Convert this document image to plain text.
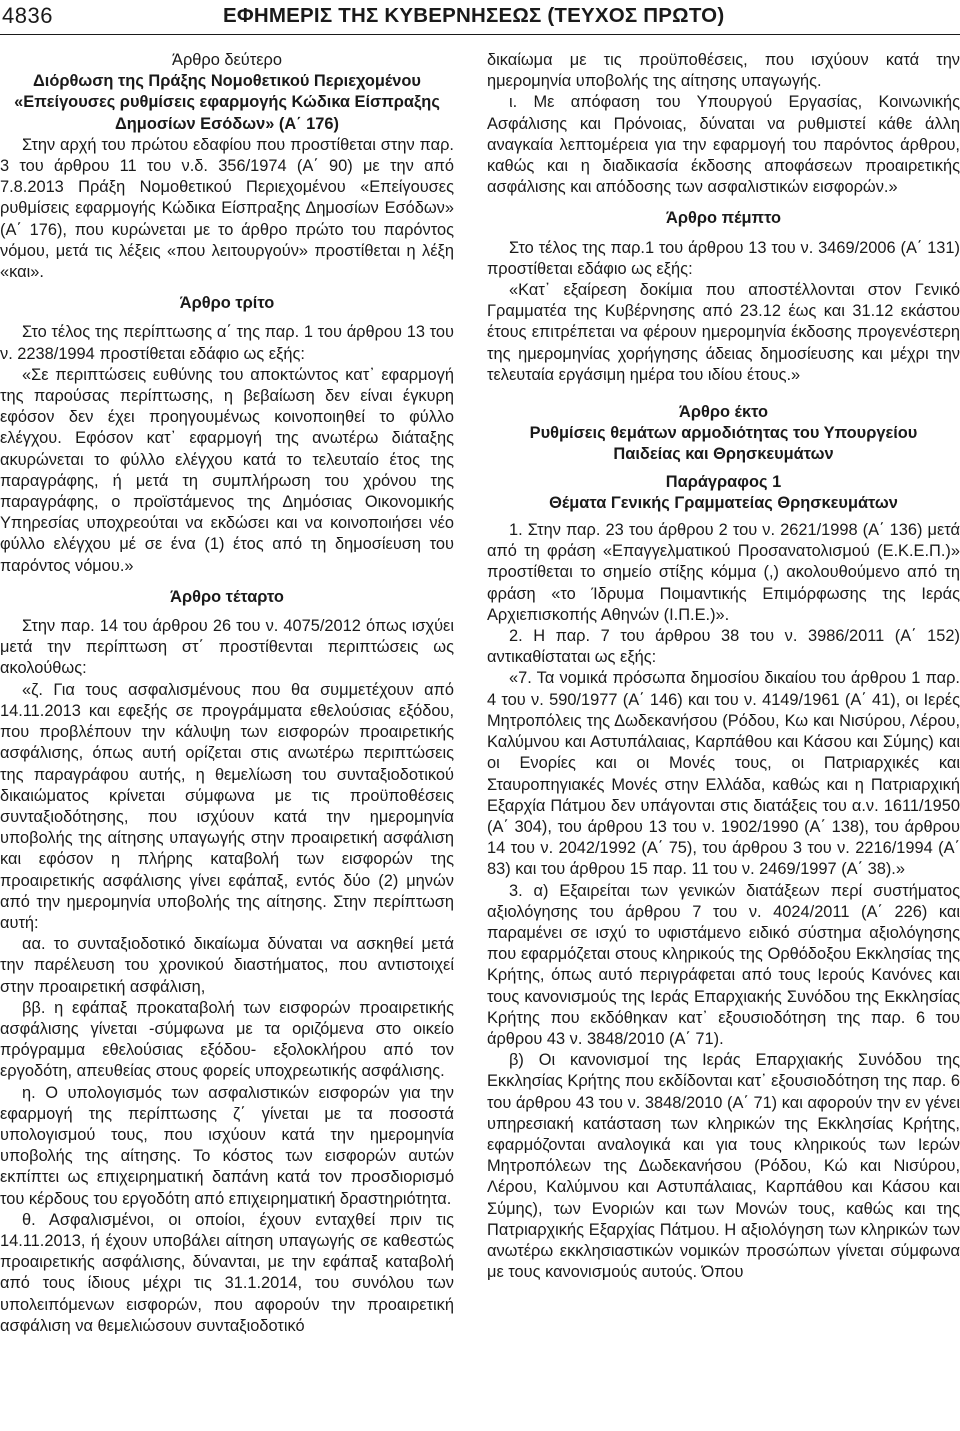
4836	ΕΦΗΜΕΡΙΣ ΤΗΣ ΚΥΒΕΡΝΗΣΕΩΣ (ΤΕΥΧΟΣ ΠΡΩΤΟ)
Άρθρο δεύτερο
Διόρθωση της Πράξης Νομοθετικού Περιεχομένου
«Επείγουσες ρυθμίσεις εφαρμογής Κώδικα Είσπραξης
Δημοσίων Εσόδων» (Α΄ 176)

Στην αρχή του πρώτου εδαφίου που προστίθεται στην παρ. 3 του άρθρου 11 του ν.δ. 356/1974 (Α΄ 90) με την από 7.8.2013 Πράξη Νομοθετικού Περιεχομένου «Επείγουσες ρυθμίσεις εφαρμογής Κώδικα Είσπραξης Δημοσίων Εσόδων» (Α΄ 176), που κυρώνεται με το άρθρο πρώτο του παρόντος νόμου, μετά τις λέξεις «που λειτουργούν» προστίθεται η λέξη «και».

Άρθρο τρίτο

Στο τέλος της περίπτωσης α΄ της παρ. 1 του άρθρου 13 του ν. 2238/1994 προστίθεται εδάφιο ως εξής:

«Σε περιπτώσεις ευθύνης του αποκτώντος κατ᾽ εφαρμογή της παρούσας περίπτωσης, η βεβαίωση δεν είναι έγκυρη εφόσον δεν έχει προηγουμένως κοινοποιηθεί το φύλλο ελέγχου. Εφόσον κατ᾽ εφαρμογή της ανωτέρω διάταξης ακυρώνεται το φύλλο ελέγχου κατά το τελευταίο έτος της παραγράφης, ή μετά τη συμπλήρωση του χρόνου της παραγράφης, ο προϊστάμενος της Δημόσιας Οικονομικής Υπηρεσίας υποχρεούται να εκδώσει και να κοινοποιήσει νέο φύλλο ελέγχου μέ σε ένα (1) έτος από τη δημοσίευση του παρόντος νόμου.»

Άρθρο τέταρτο

Στην παρ. 14 του άρθρου 26 του ν. 4075/2012 όπως ισχύει μετά την περίπτωση στ΄ προστίθενται περιπτώσεις ως ακολούθως:

«ζ. Για τους ασφαλισμένους που θα συμμετέχουν από 14.11.2013 και εφεξής σε προγράμματα εθελούσιας εξόδου, που προβλέπουν την κάλυψη των εισφορών προαιρετικής ασφάλισης, όπως αυτή ορίζεται στις ανωτέρω περιπτώσεις της παραγράφου αυτής, η θεμελίωση του συνταξιοδοτικού δικαιώματος κρίνεται σύμφωνα με τις προϋποθέσεις συνταξιοδότησης, που ισχύουν κατά την ημερομηνία υποβολής της αίτησης υπαγωγής στην προαιρετική ασφάλιση και εφόσον η πλήρης καταβολή των εισφορών της προαιρετικής ασφάλισης γίνει εφάπαξ, εντός δύο (2) μηνών από την ημερομηνία υποβολής της αίτησης. Στην περίπτωση αυτή:

αα. το συνταξιοδοτικό δικαίωμα δύναται να ασκηθεί μετά την παρέλευση του χρονικού διαστήματος, που αντιστοιχεί στην προαιρετική ασφάλιση,

ββ. η εφάπαξ προκαταβολή των εισφορών προαιρετικής ασφάλισης γίνεται -σύμφωνα με τα οριζόμενα στο οικείο πρόγραμμα εθελούσιας εξόδου- εξολοκλήρου από τον εργοδότη, απευθείας στους φορείς υποχρεωτικής ασφάλισης.

η. Ο υπολογισμός των ασφαλιστικών εισφορών για την εφαρμογή της περίπτωσης ζ΄ γίνεται με τα ποσοστά υπολογισμού τους, που ισχύουν κατά την ημερομηνία υποβολής της αίτησης. Το κόστος των εισφορών αυτών εκπίπτει ως επιχειρηματική δαπάνη κατά τον προσδιορισμό του κέρδους του εργοδότη από επιχειρηματική δραστηριότητα.

θ. Ασφαλισμένοι, οι οποίοι, έχουν ενταχθεί πριν τις 14.11.2013, ή έχουν υποβάλει αίτηση υπαγωγής σε καθεστώς προαιρετικής ασφάλισης, δύνανται, με την εφάπαξ καταβολή από τους ίδιους μέχρι τις 31.1.2014, του συνόλου των υπολειπόμενων εισφορών, που αφορούν την προαιρετική ασφάλιση να θεμελιώσουν συνταξιοδοτικό

δικαίωμα με τις προϋποθέσεις, που ισχύουν κατά την ημερομηνία υποβολής της αίτησης υπαγωγής.

ι. Με απόφαση του Υπουργού Εργασίας, Κοινωνικής Ασφάλισης και Πρόνοιας, δύναται να ρυθμιστεί κάθε άλλη αναγκαία λεπτομέρεια για την εφαρμογή του παρόντος άρθρου, καθώς και η διαδικασία έκδοσης αποφάσεων προαιρετικής ασφάλισης και απόδοσης των ασφαλιστικών εισφορών.»

Άρθρο πέμπτο

Στο τέλος της παρ.1 του άρθρου 13 του ν. 3469/2006 (Α΄ 131) προστίθεται εδάφιο ως εξής:

«Κατ᾽ εξαίρεση δοκίμια που αποστέλλονται στον Γενικό Γραμματέα της Κυβέρνησης από 23.12 έως και 31.12 εκάστου έτους επιτρέπεται να φέρουν ημερομηνία έκδοσης προγενέστερη της ημερομηνίας χορήγησης άδειας δημοσίευσης και μέχρι την τελευταία εργάσιμη ημέρα του ιδίου έτους.»

Άρθρο έκτο
Ρυθμίσεις θεμάτων αρμοδιότητας του Υπουργείου
Παιδείας και Θρησκευμάτων
Παράγραφος 1
Θέματα Γενικής Γραμματείας Θρησκευμάτων

1. Στην παρ. 23 του άρθρου 2 του ν. 2621/1998 (Α΄ 136) μετά από τη φράση «Επαγγελματικού Προσανατολισμού (Ε.Κ.Ε.Π.)» προστίθεται το σημείο στίξης κόμμα (,) ακολουθούμενο από τη φράση «το Ίδρυμα Ποιμαντικής Επιμόρφωσης της Ιεράς Αρχιεπισκοπής Αθηνών (Ι.Π.Ε.)».

2. Η παρ. 7 του άρθρου 38 του ν. 3986/2011 (Α΄ 152) αντικαθίσταται ως εξής:

«7. Τα νομικά πρόσωπα δημοσίου δικαίου του άρθρου 1 παρ. 4 του ν. 590/1977 (Α΄ 146) και του ν. 4149/1961 (Α΄ 41), οι Ιερές Μητροπόλεις της Δωδεκανήσου (Ρόδου, Κω και Νισύρου, Λέρου, Καλύμνου και Αστυπάλαιας, Καρπάθου και Κάσου και Σύμης) και οι Ενορίες και οι Μονές τους, οι Πατριαρχικές και Σταυροπηγιακές Μονές στην Ελλάδα, καθώς και η Πατριαρχική Εξαρχία Πάτμου δεν υπάγονται στις διατάξεις του α.ν. 1611/1950 (Α΄ 304), του άρθρου 13 του ν. 1902/1990 (Α΄ 138), του άρθρου 14 του ν. 2042/1992 (Α΄ 75), του άρθρου 3 του ν. 2216/1994 (Α΄ 83) και του άρθρου 15 παρ. 11 του ν. 2469/1997 (Α΄ 38).»

3. α) Εξαιρείται των γενικών διατάξεων περί συστήματος αξιολόγησης του άρθρου 7 του ν. 4024/2011 (Α΄ 226) και παραμένει σε ισχύ το υφιστάμενο ειδικό σύστημα αξιολόγησης που εφαρμόζεται στους κληρικούς της Ορθόδοξου Εκκλησίας της Κρήτης, όπως αυτό περιγράφεται από τους Ιερούς Κανόνες και τους κανονισμούς της Ιεράς Επαρχιακής Συνόδου της Εκκλησίας Κρήτης που εκδόθηκαν κατ᾽ εξουσιοδότηση της παρ. 6 του άρθρου 43 ν. 3848/2010 (Α΄ 71).

β) Οι κανονισμοί της Ιεράς Επαρχιακής Συνόδου της Εκκλησίας Κρήτης που εκδίδονται κατ᾽ εξουσιοδότηση της παρ. 6 του άρθρου 43 του ν. 3848/2010 (Α΄ 71) και αφορούν την εν γένει υπηρεσιακή κατάσταση των κληρικών της Εκκλησίας Κρήτης, εφαρμόζονται αναλογικά και για τους κληρικούς των Ιερών Μητροπόλεων της Δωδεκανήσου (Ρόδου, Κώ και Νισύρου, Λέρου, Καλύμνου και Αστυπάλαιας, Καρπάθου και Κάσου και Σύμης), των Ενοριών και των Μονών τους, καθώς και της Πατριαρχικής Εξαρχίας Πάτμου. Η αξιολόγηση των κληρικών των ανωτέρω εκκλησιαστικών νομικών προσώπων γίνεται σύμφωνα με τους κανονισμούς αυτούς. Όπου
